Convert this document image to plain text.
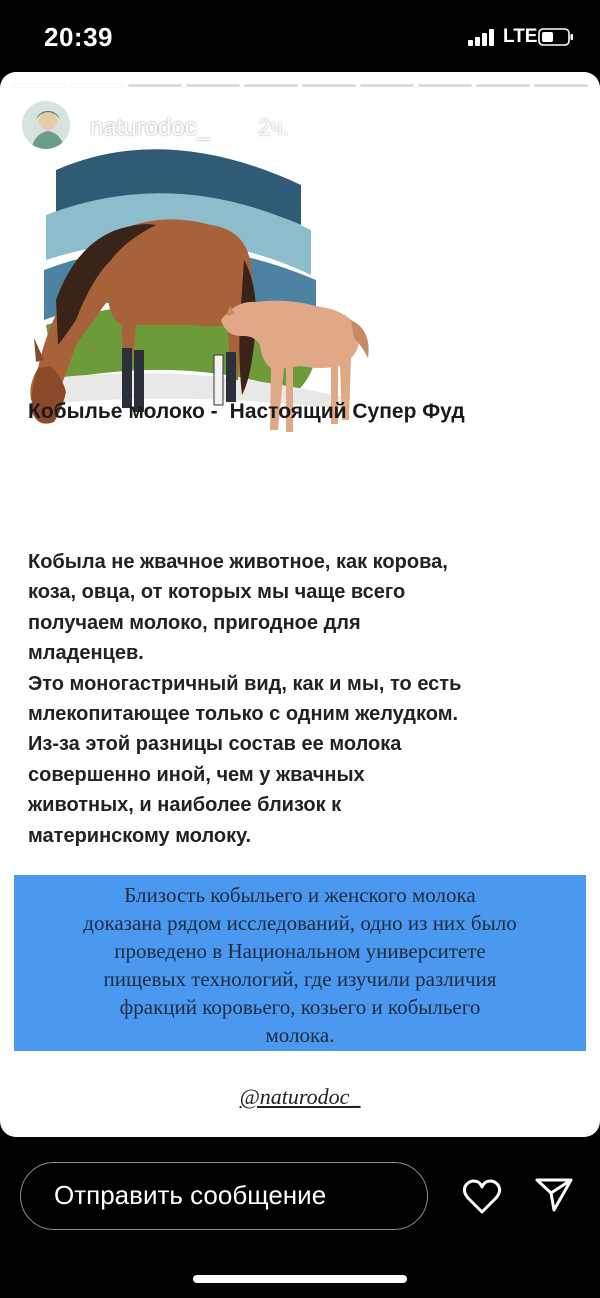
20:39	LTE
naturodoc_ 2ч.
Кобылье молоко - Настоящий Супер Фуд

Кобыла не жвачное животное, как корова,

коза, овца, от которых мы чаще всего

получаем молоко, пригодное для

младенцев.

Это моногастричный вид, как и мы, то есть

млекопитающее только с одним желудком.

Из-за этой разницы состав ее молока

совершенно иной, чем у жвачных

животных, и наиболее близок к

материнскому молоку.

Близость кобыльего и женского молока
доказана рядом исследований, одно из них было
проведено в Национальном университете
пищевых технологий, где изучили различия
фракций коровьего, козьего и кобыльего
молока.
@naturodoc_
Отправить сообщение
